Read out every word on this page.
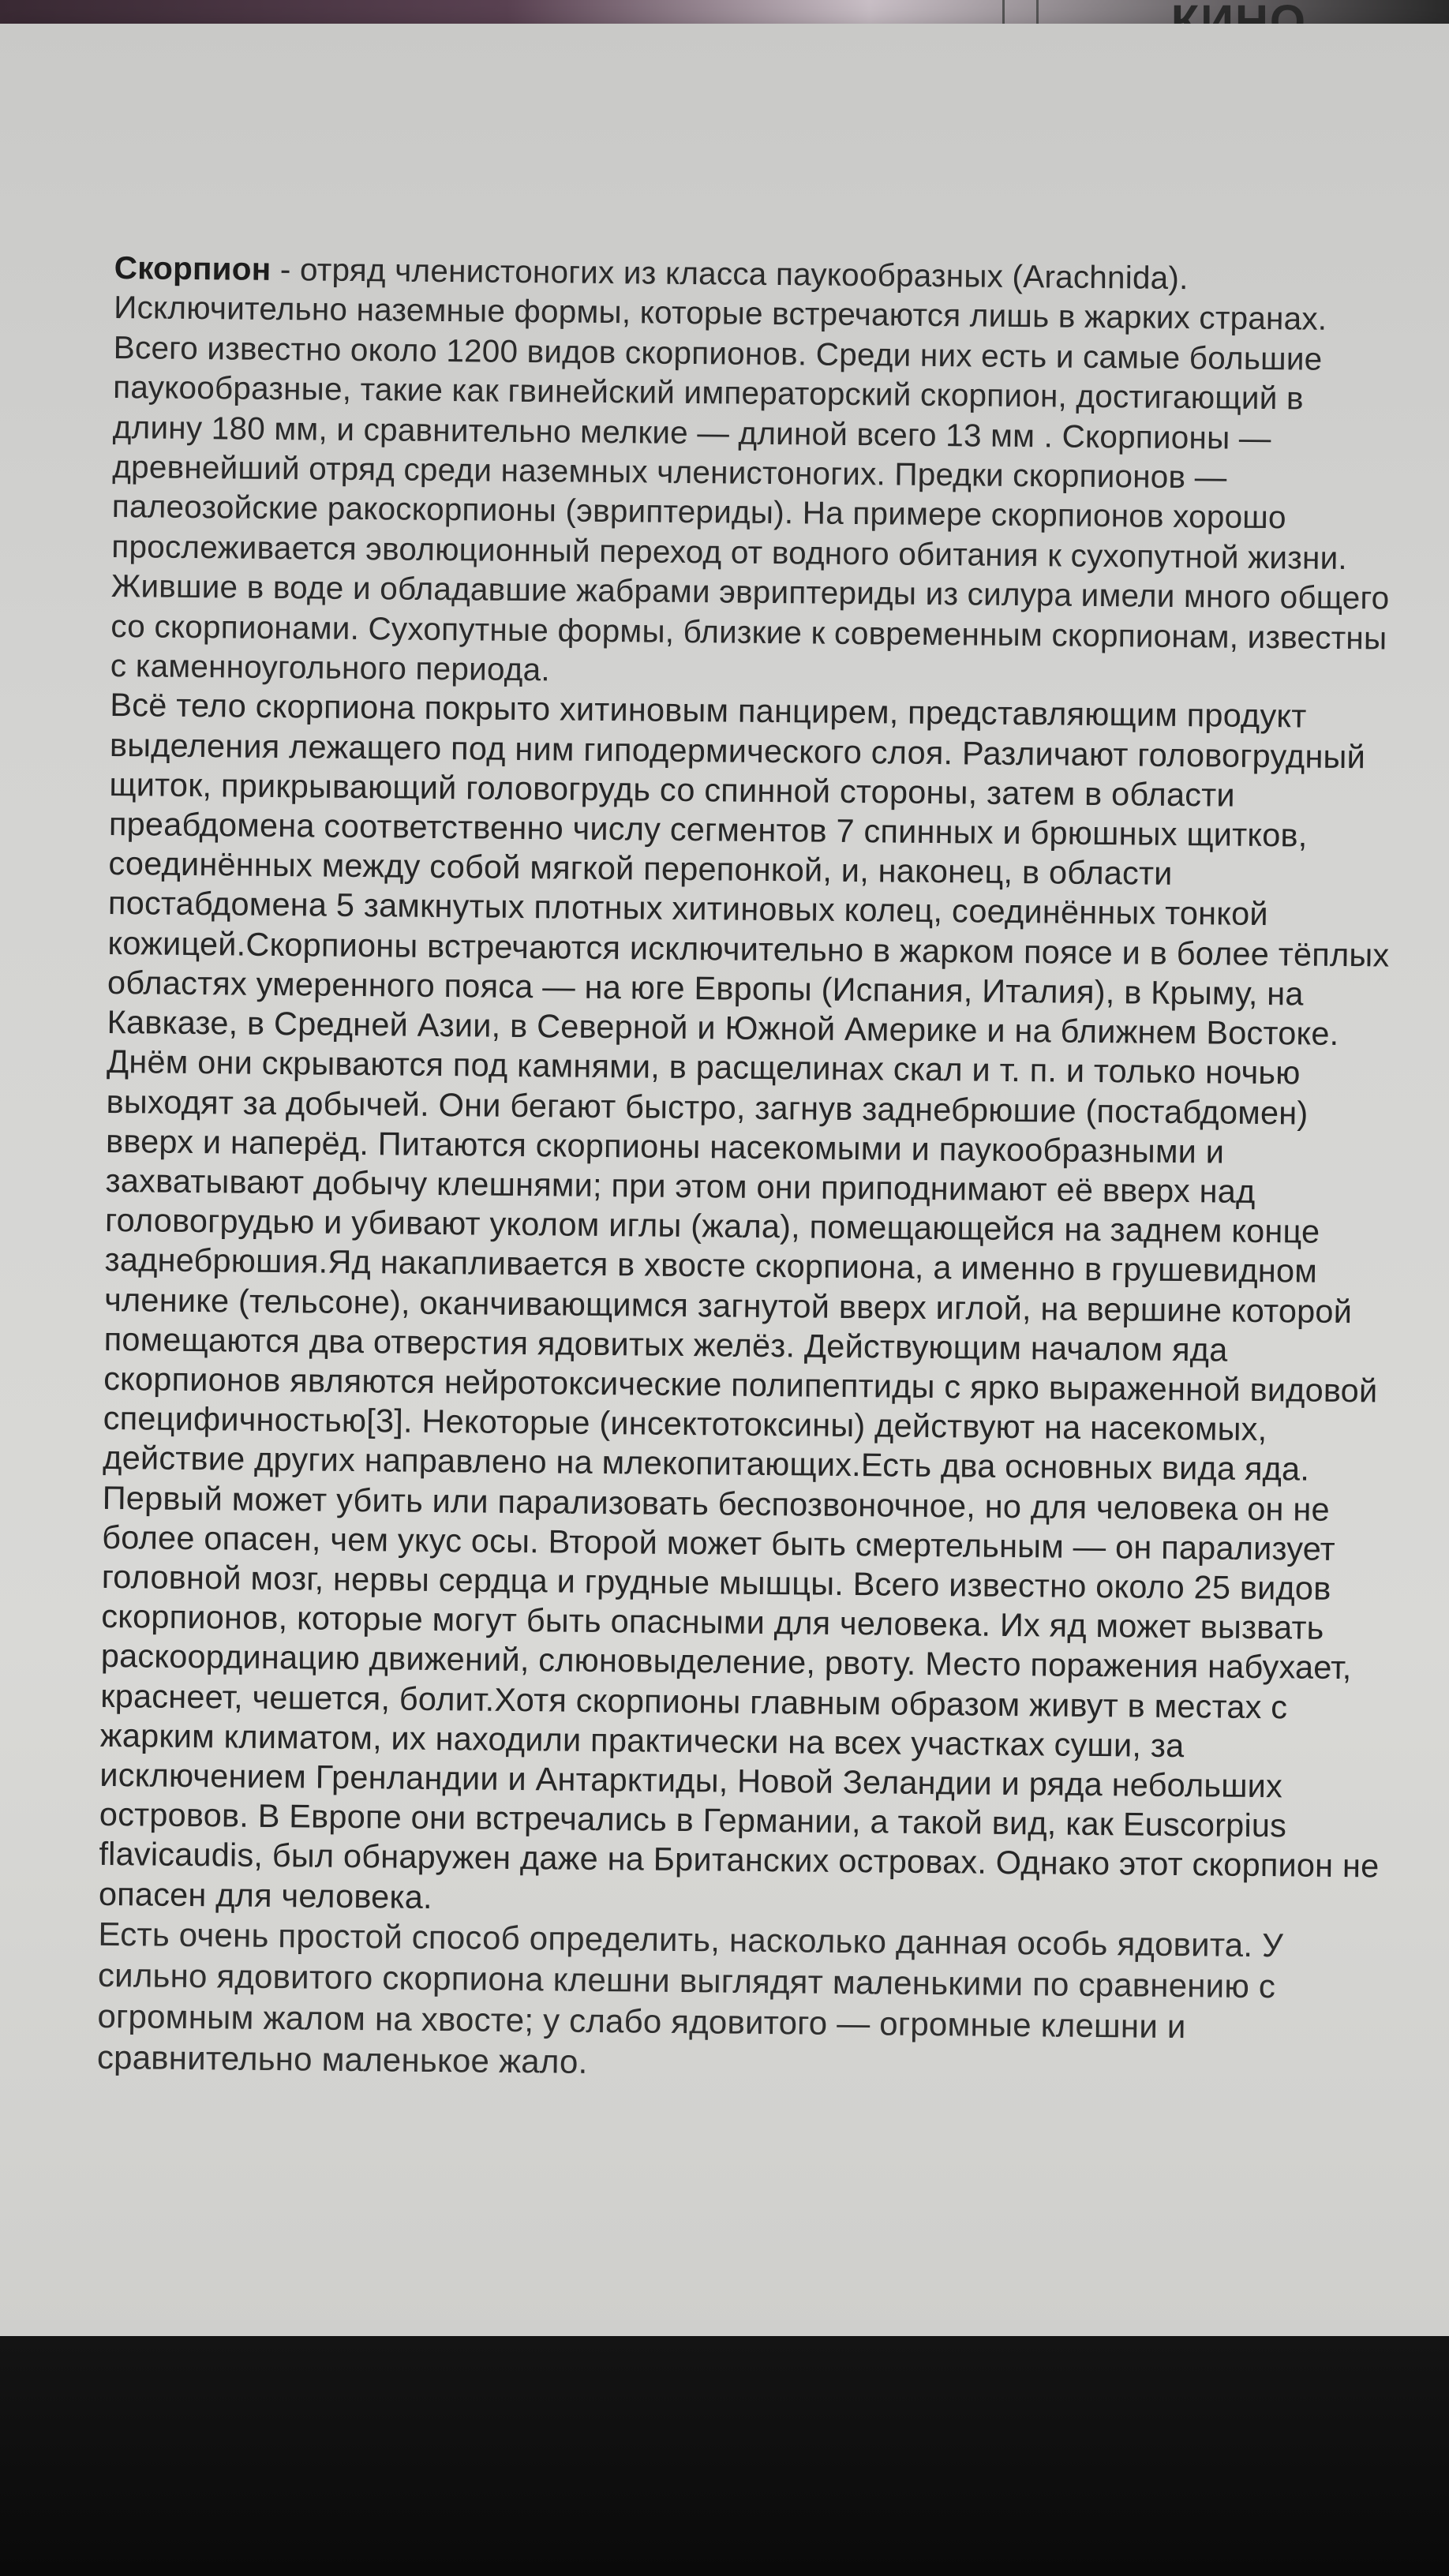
Скорпион - отряд членистоногих из класса паукообразных (Arachnida). Исключительно наземные формы, которые встречаются лишь в жарких странах. Всего известно около 1200 видов скорпионов. Среди них есть и самые большие паукообразные, такие как гвинейский императорский скорпион, достигающий в длину 180 мм, и сравнительно мелкие — длиной всего 13 мм . Скорпионы — древнейший отряд среди наземных членистоногих. Предки скорпионов — палеозойские ракоскорпионы (эвриптериды). На примере скорпионов хорошо прослеживается эволюционный переход от водного обитания к сухопутной жизни. Жившие в воде и обладавшие жабрами эвриптериды из силура имели много общего со скорпионами. Сухопутные формы, близкие к современным скорпионам, известны с каменноугольного периода.

Всё тело скорпиона покрыто хитиновым панцирем, представляющим продукт выделения лежащего под ним гиподермического слоя. Различают головогрудный щиток, прикрывающий головогрудь со спинной стороны, затем в области преабдомена соответственно числу сегментов 7 спинных и брюшных щитков, соединённых между собой мягкой перепонкой, и, наконец, в области постабдомена 5 замкнутых плотных хитиновых колец, соединённых тонкой кожицей.Скорпионы встречаются исключительно в жарком поясе и в более тёплых областях умеренного пояса — на юге Европы (Испания, Италия), в Крыму, на Кавказе, в Средней Азии, в Северной и Южной Америке и на ближнем Востоке. Днём они скрываются под камнями, в расщелинах скал и т. п. и только ночью выходят за добычей. Они бегают быстро, загнув заднебрюшие (постабдомен) вверх и наперёд. Питаются скорпионы насекомыми и паукообразными и захватывают добычу клешнями; при этом они приподнимают её вверх над головогрудью и убивают уколом иглы (жала), помещающейся на заднем конце заднебрюшия.Яд накапливается в хвосте скорпиона, а именно в грушевидном членике (тельсоне), оканчивающимся загнутой вверх иглой, на вершине которой помещаются два отверстия ядовитых желёз. Действующим началом яда скорпионов являются нейротоксические полипептиды с ярко выраженной видовой специфичностью[3]. Некоторые (инсектотоксины) действуют на насекомых, действие других направлено на млекопитающих.Есть два основных вида яда. Первый может убить или парализовать беспозвоночное, но для человека он не более опасен, чем укус осы. Второй может быть смертельным — он парализует головной мозг, нервы сердца и грудные мышцы. Всего известно около 25 видов скорпионов, которые могут быть опасными для человека. Их яд может вызвать раскоординацию движений, слюновыделение, рвоту. Место поражения набухает, краснеет, чешется, болит.Хотя скорпионы главным образом живут в местах с жарким климатом, их находили практически на всех участках суши, за исключением Гренландии и Антарктиды, Новой Зеландии и ряда небольших островов. В Европе они встречались в Германии, а такой вид, как Euscorpius flavicaudis, был обнаружен даже на Британских островах. Однако этот скорпион не опасен для человека.

Есть очень простой способ определить, насколько данная особь ядовита. У сильно ядовитого скорпиона клешни выглядят маленькими по сравнению с огромным жалом на хвосте; у слабо ядовитого — огромные клешни и сравнительно маленькое жало.
